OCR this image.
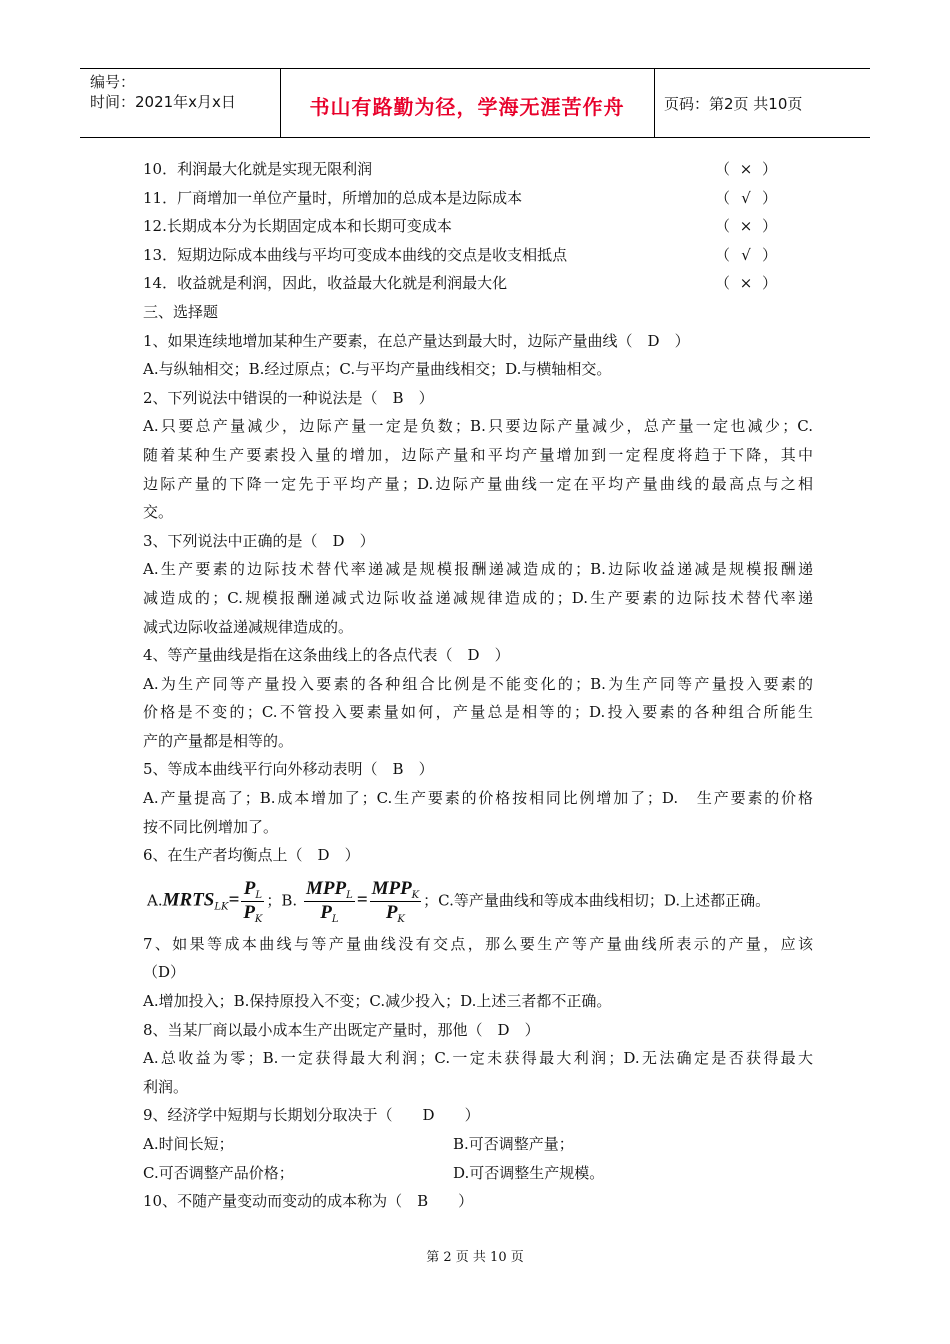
编号：
时间：2021年x月x日	书山有路勤为径，学海无涯苦作舟	页码：第2页 共10页
10．利润最大化就是实现无限利润	（ × ）
11．厂商增加一单位产量时，所增加的总成本是边际成本	（ √ ）
12.长期成本分为长期固定成本和长期可变成本	（ × ）
13．短期边际成本曲线与平均可变成本曲线的交点是收支相抵点	（ √ ）
14．收益就是利润，因此，收益最大化就是利润最大化	（ × ）
三、选择题
1、如果连续地增加某种生产要素，在总产量达到最大时，边际产量曲线（　D　）
A.与纵轴相交；B.经过原点；C.与平均产量曲线相交；D.与横轴相交。
2、下列说法中错误的一种说法是（　B　）
A.只要总产量减少，边际产量一定是负数；B.只要边际产量减少，总产量一定也减少；C.
随着某种生产要素投入量的增加，边际产量和平均产量增加到一定程度将趋于下降，其中
边际产量的下降一定先于平均产量；D.边际产量曲线一定在平均产量曲线的最高点与之相
交。
3、下列说法中正确的是（　D　）
A.生产要素的边际技术替代率递减是规模报酬递减造成的；B.边际收益递减是规模报酬递
减造成的；C.规模报酬递减式边际收益递减规律造成的；D.生产要素的边际技术替代率递
减式边际收益递减规律造成的。
4、等产量曲线是指在这条曲线上的各点代表（　D　）
A.为生产同等产量投入要素的各种组合比例是不能变化的；B.为生产同等产量投入要素的
价格是不变的；C.不管投入要素量如何，产量总是相等的；D.投入要素的各种组合所能生
产的产量都是相等的。
5、等成本曲线平行向外移动表明（　B　）
A.产量提高了；B.成本增加了；C.生产要素的价格按相同比例增加了；D.　生产要素的价格
按不同比例增加了。
6、在生产者均衡点上（　D　）
$A.MRTS_{LK}= \frac{P_L}{P_K}$ ；B. $\frac{MPP_L}{P_L} = \frac{MPP_K}{P_K}$ ；C.等产量曲线和等成本曲线相切；D.上述都正确。
7、如果等成本曲线与等产量曲线没有交点，那么要生产等产量曲线所表示的产量，应该
（D）
A.增加投入；B.保持原投入不变；C.减少投入；D.上述三者都不正确。
8、当某厂商以最小成本生产出既定产量时，那他（　D　）
A.总收益为零；B.一定获得最大利润；C.一定未获得最大利润；D.无法确定是否获得最大
利润。
9、经济学中短期与长期划分取决于（　　D　　）
A.时间长短；	B.可否调整产量；
C.可否调整产品价格；	D.可否调整生产规模。
10、不随产量变动而变动的成本称为（　B　　）
第 2 页 共 10 页
